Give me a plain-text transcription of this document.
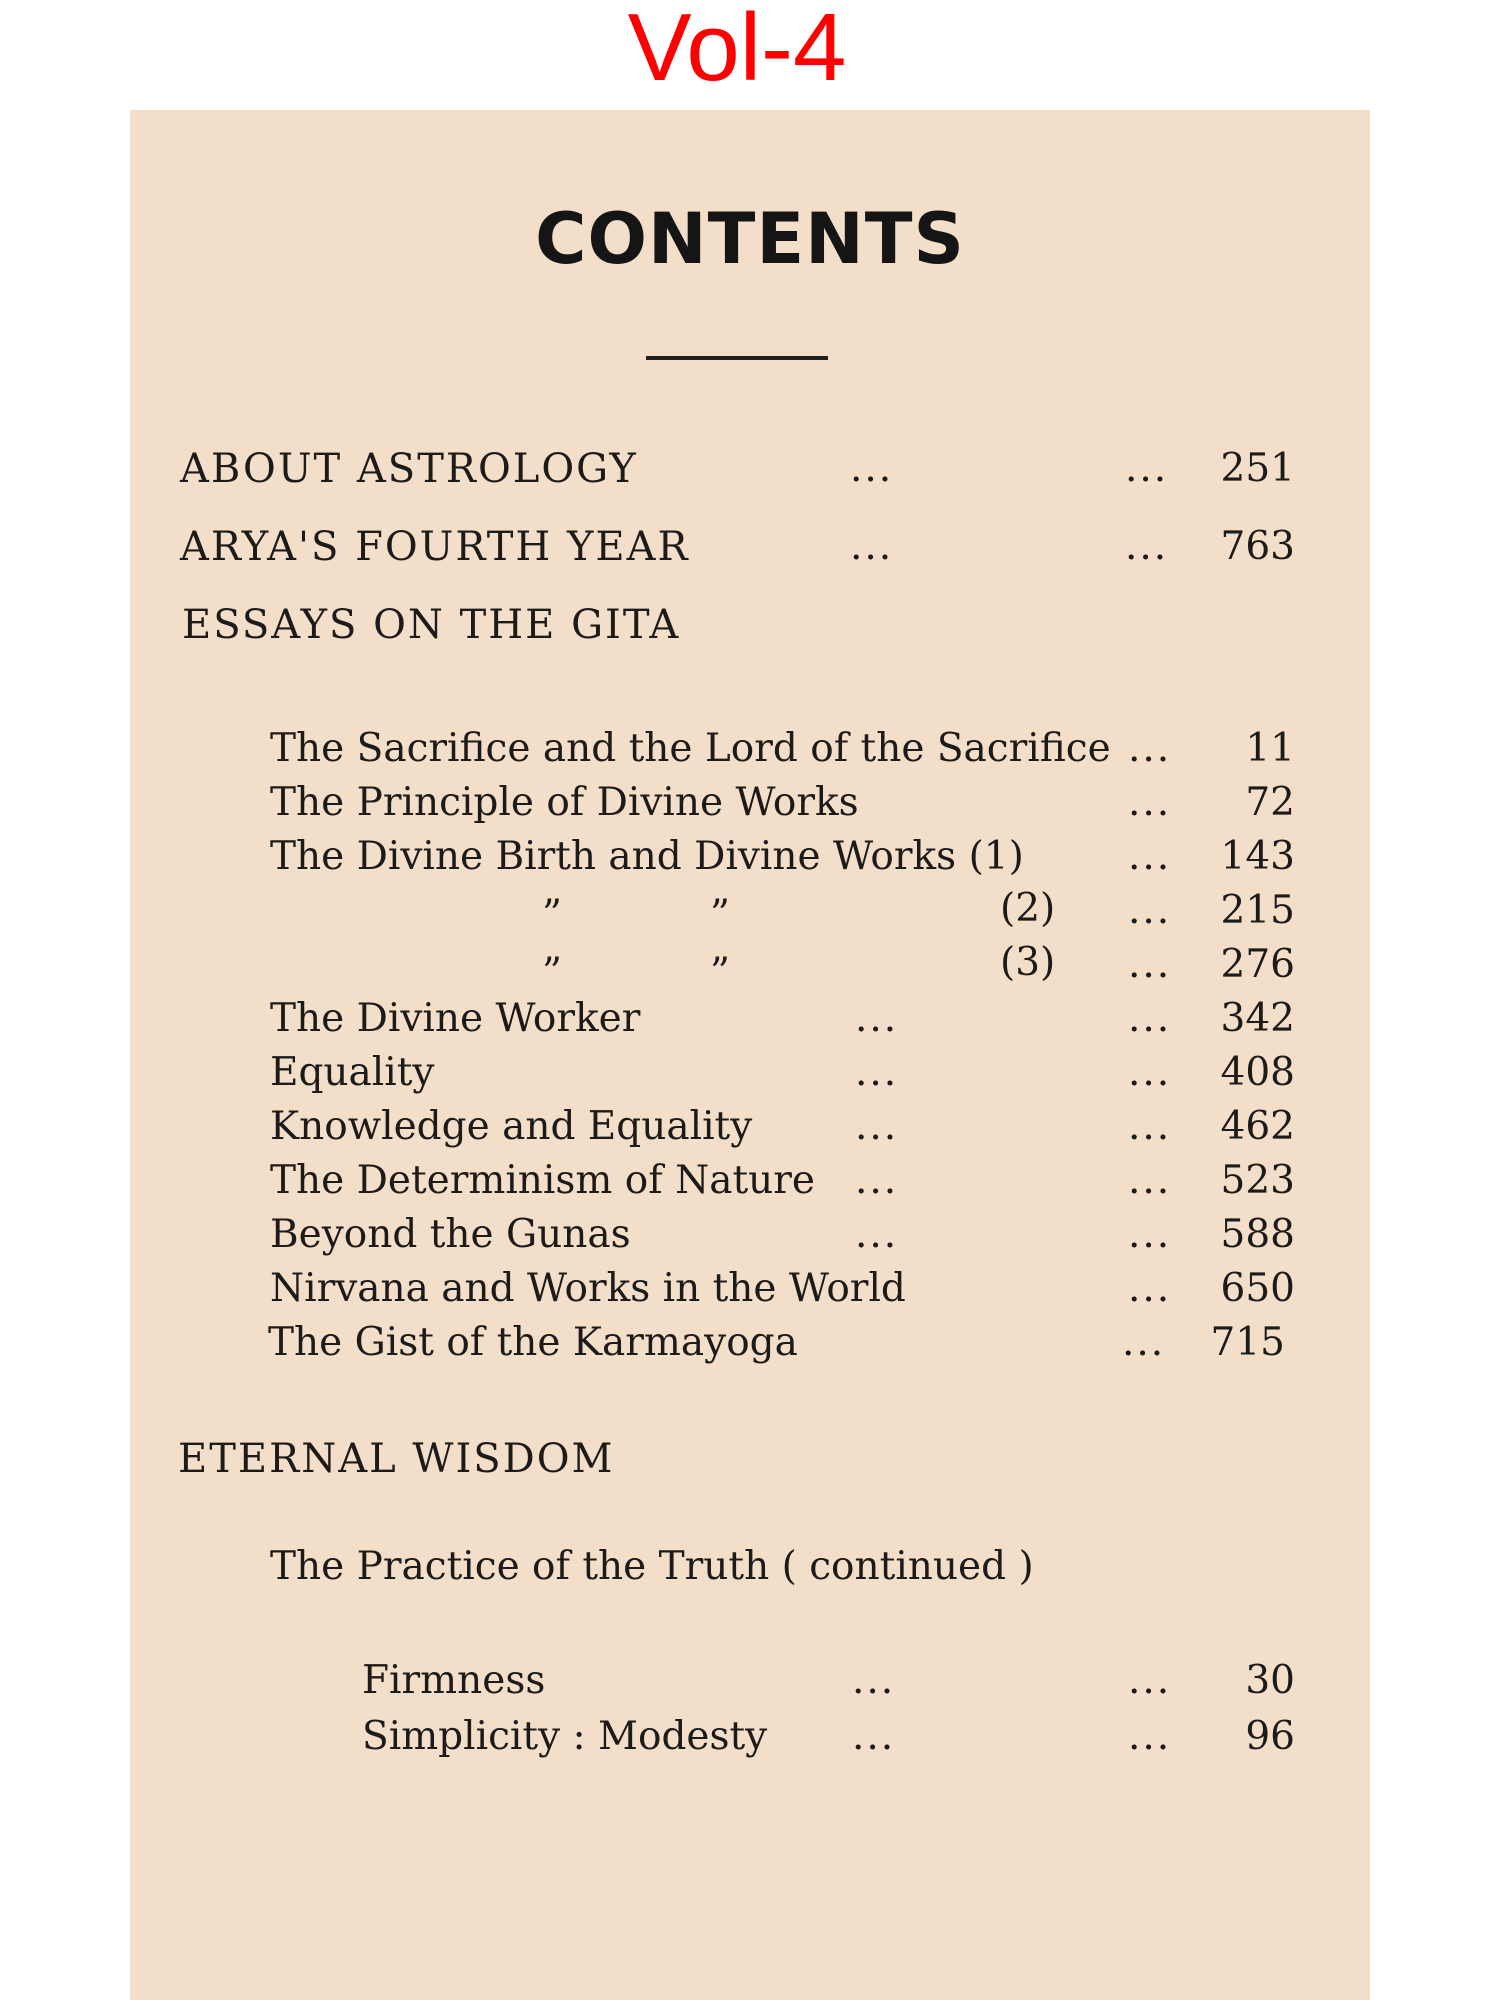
Vol-4
CONTENTS
ABOUT ASTROLOGY	...	...	251
ARYA'S FOURTH YEAR	...	...	763
ESSAYS ON THE GITA
The Sacrifice and the Lord of the Sacrifice ...	11
The Principle of Divine Works	...	72
The Divine Birth and Divine Works (1)	...	143
”	”	(2) ...	215
”	”	(3) ...	276
The Divine Worker	...	...	342
Equality	...	...	408
Knowledge and Equality	...	...	462
The Determinism of Nature ...	...	523
Beyond the Gunas	...	...	588
Nirvana and Works in the World	...	650
The Gist of the Karmayoga	...	715
ETERNAL WISDOM
The Practice of the Truth ( continued )
Firmness	...	...	30
Simplicity : Modesty ...	...	96
